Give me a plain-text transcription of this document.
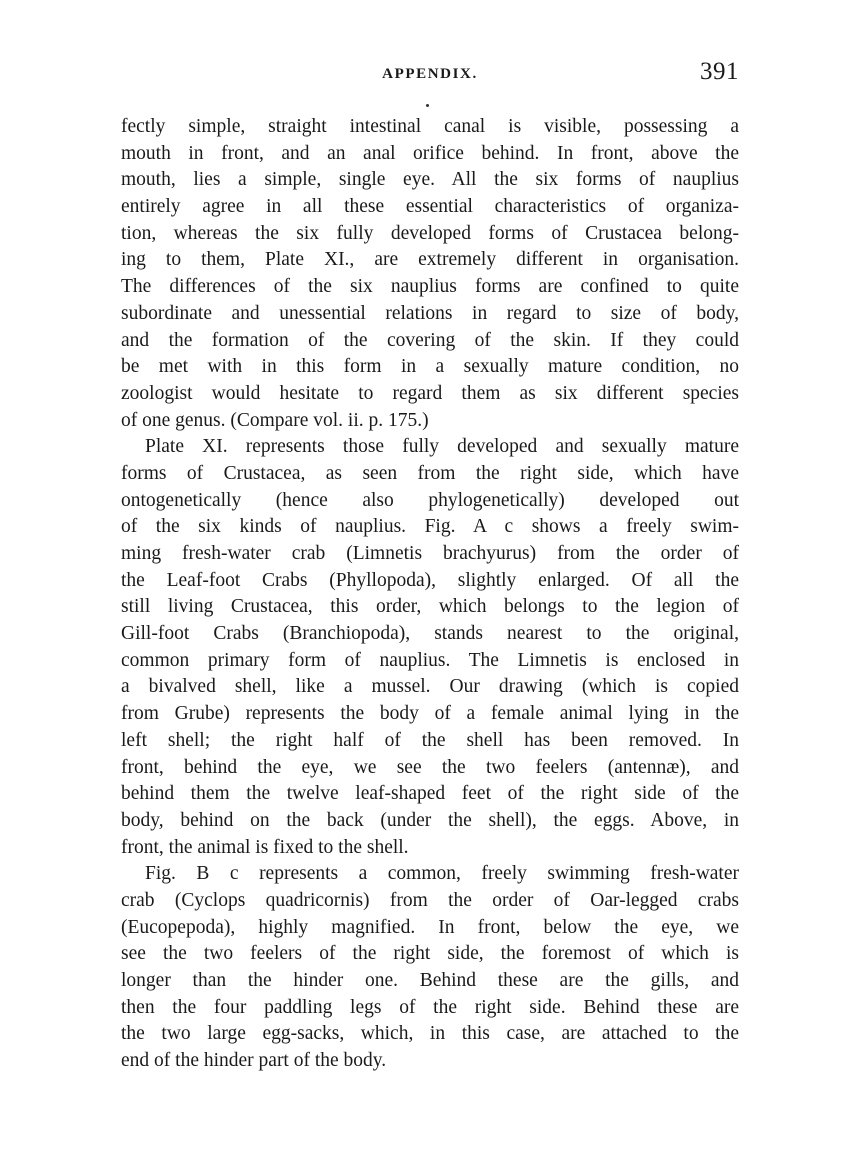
APPENDIX.	391
fectly simple, straight intestinal canal is visible, possessing a
mouth in front, and an anal orifice behind. In front, above the
mouth, lies a simple, single eye. All the six forms of nauplius
entirely agree in all these essential characteristics of organiza-
tion, whereas the six fully developed forms of Crustacea belong-
ing to them, Plate XI., are extremely different in organisation.
The differences of the six nauplius forms are confined to quite
subordinate and unessential relations in regard to size of body,
and the formation of the covering of the skin. If they could
be met with in this form in a sexually mature condition, no
zoologist would hesitate to regard them as six different species
of one genus. (Compare vol. ii. p. 175.)
Plate XI. represents those fully developed and sexually mature
forms of Crustacea, as seen from the right side, which have
ontogenetically (hence also phylogenetically) developed out
of the six kinds of nauplius. Fig. A c shows a freely swim-
ming fresh-water crab (Limnetis brachyurus) from the order of
the Leaf-foot Crabs (Phyllopoda), slightly enlarged. Of all the
still living Crustacea, this order, which belongs to the legion of
Gill-foot Crabs (Branchiopoda), stands nearest to the original,
common primary form of nauplius. The Limnetis is enclosed in
a bivalved shell, like a mussel. Our drawing (which is copied
from Grube) represents the body of a female animal lying in the
left shell; the right half of the shell has been removed. In
front, behind the eye, we see the two feelers (antennæ), and
behind them the twelve leaf-shaped feet of the right side of the
body, behind on the back (under the shell), the eggs. Above, in
front, the animal is fixed to the shell.
Fig. B c represents a common, freely swimming fresh-water
crab (Cyclops quadricornis) from the order of Oar-legged crabs
(Eucopepoda), highly magnified. In front, below the eye, we
see the two feelers of the right side, the foremost of which is
longer than the hinder one. Behind these are the gills, and
then the four paddling legs of the right side. Behind these are
the two large egg-sacks, which, in this case, are attached to the
end of the hinder part of the body.
